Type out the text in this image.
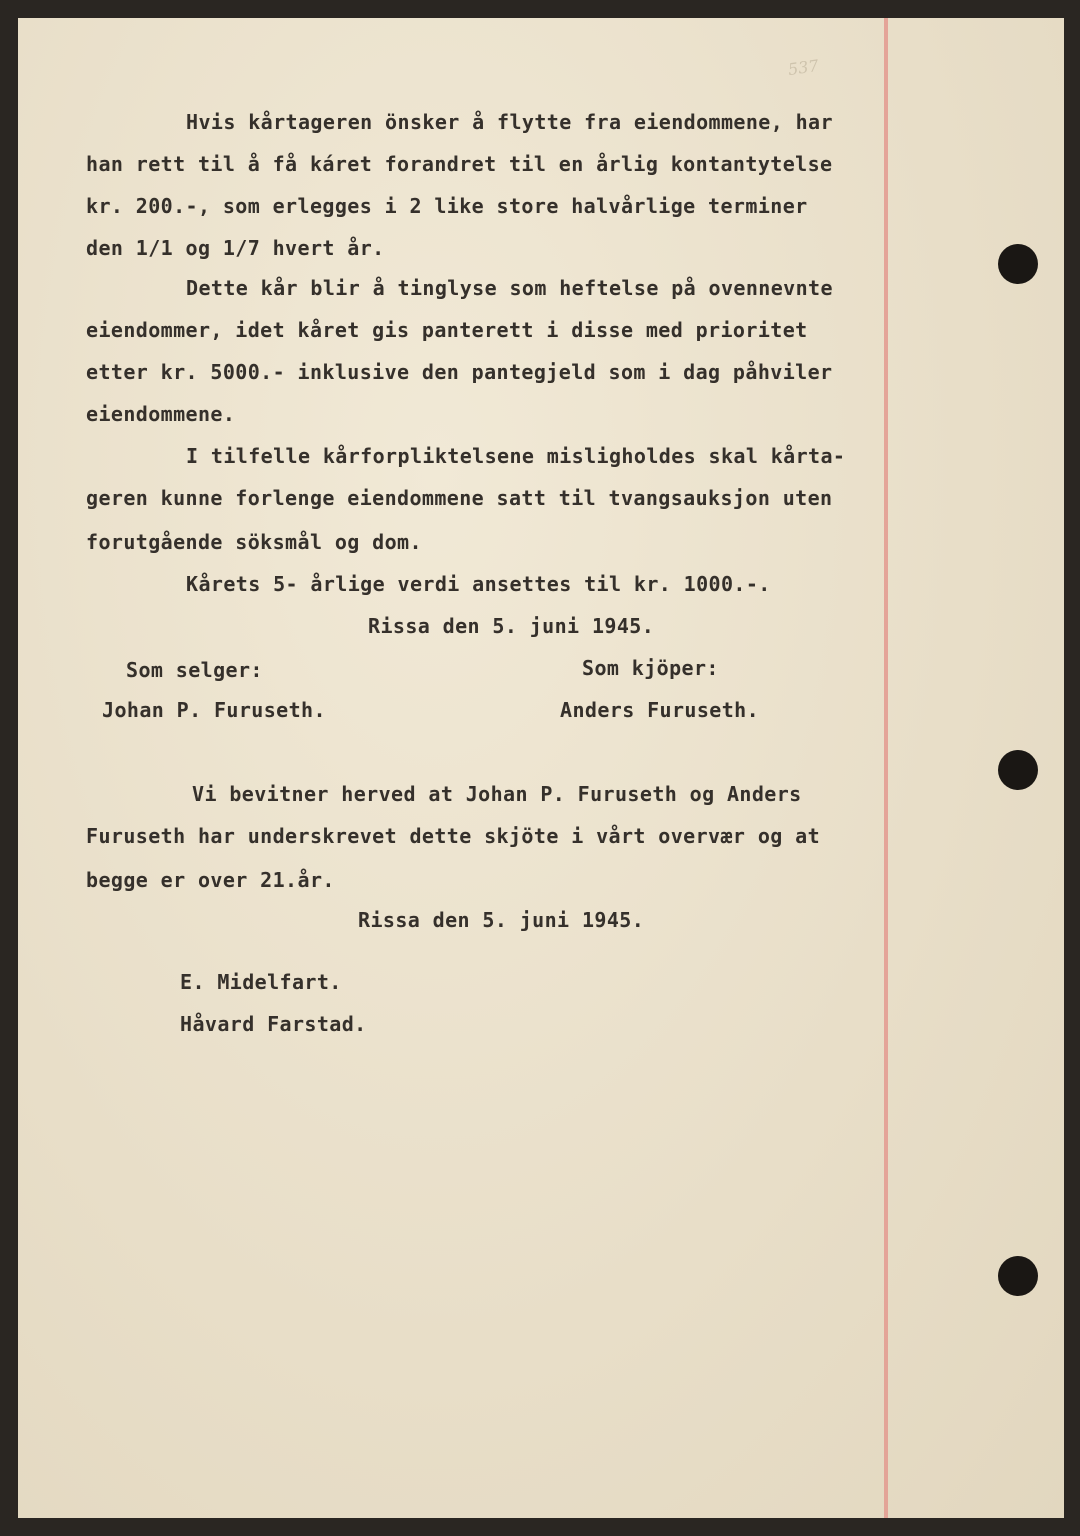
537
Hvis kårtageren önsker å flytte fra eiendommene, har
han rett til å få káret forandret til en årlig kontantytelse
kr. 200.-, som erlegges i 2 like store halvårlige terminer
den 1/1 og 1/7 hvert år.
Dette kår blir å tinglyse som heftelse på ovennevnte
eiendommer, idet kåret gis panterett i disse med prioritet
etter kr. 5000.- inklusive den pantegjeld som i dag påhviler
eiendommene.
I tilfelle kårforpliktelsene misligholdes skal kårta-
geren kunne forlenge eiendommene satt til tvangsauksjon uten
forutgående söksmål og dom.
Kårets 5- årlige verdi ansettes til kr. 1000.-.
Rissa den 5. juni 1945.
Som selger:	Som kjöper:
Johan P. Furuseth.	Anders Furuseth.
Vi bevitner herved at Johan P. Furuseth og Anders
Furuseth har underskrevet dette skjöte i vårt overvær og at
begge er over 21.år.
Rissa den 5. juni 1945.
E. Midelfart.
Håvard Farstad.
